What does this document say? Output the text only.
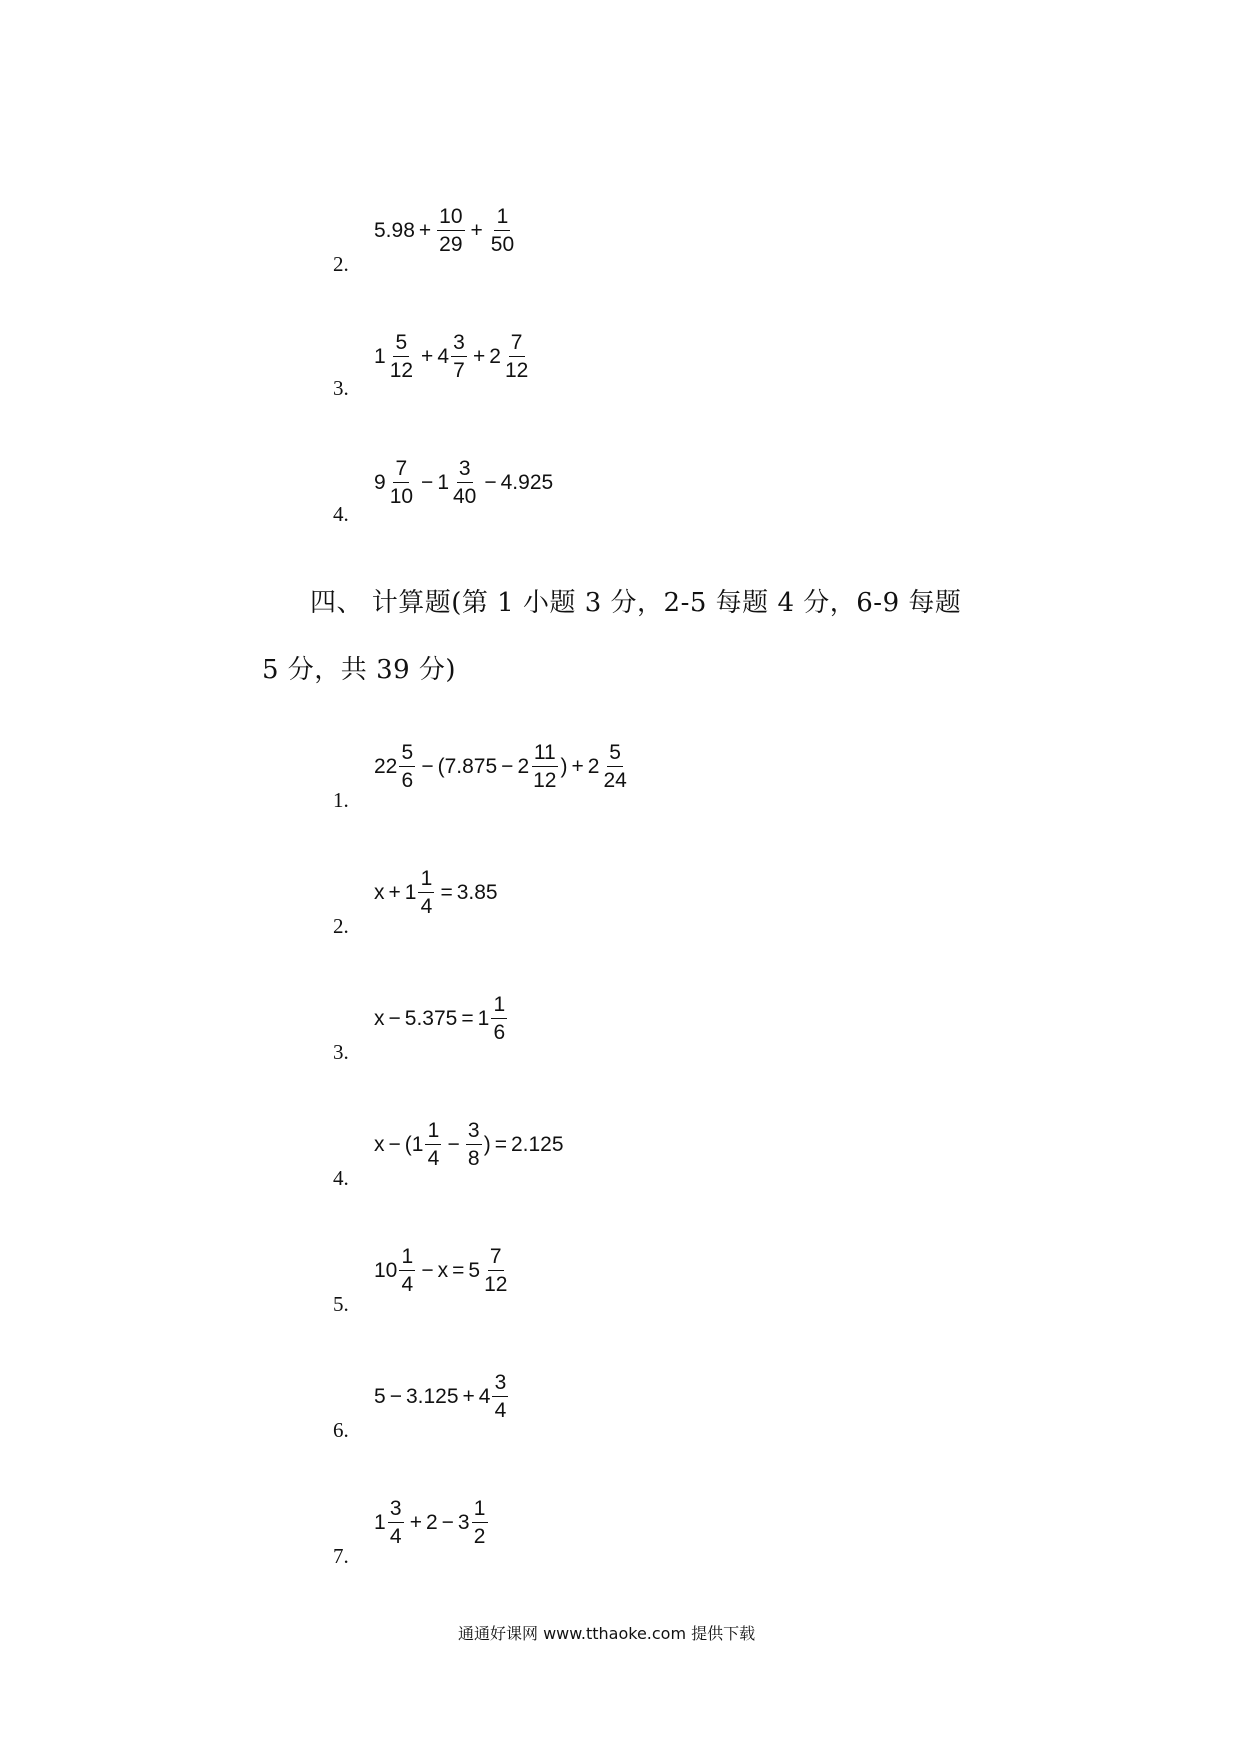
2.
$5.98 + \frac{10}{29} + \frac{1}{50}$
3.
$1 \frac{5}{12} + 4 \frac{3}{7} + 2 \frac{7}{12}$
4.
$9 \frac{7}{10} - 1 \frac{3}{40} - 4.925$
四、 计算题(第 1 小题 3 分，2-5 每题 4 分，6-9 每题
5 分，共 39 分)
1.
$22 \frac{5}{6} - (7.875 - 2 \frac{11}{12}$ ) + $2 \frac{5}{24}$
2.
$x + 1 \frac{1}{4} = 3.85$
3.
$x - 5.375 = 1 \frac{1}{6}$
4.
$x - (1 \frac{1}{4} - \frac{3}{8}$ ) = 2.125
5.
$10 \frac{1}{4} - x = 5 \frac{7}{12}$
6.
$5 - 3.125 + 4 \frac{3}{4}$
7.
$1 \frac{3}{4} + 2 - 3 \frac{1}{2}$
通通好课网 www.tthaoke.com 提供下载
